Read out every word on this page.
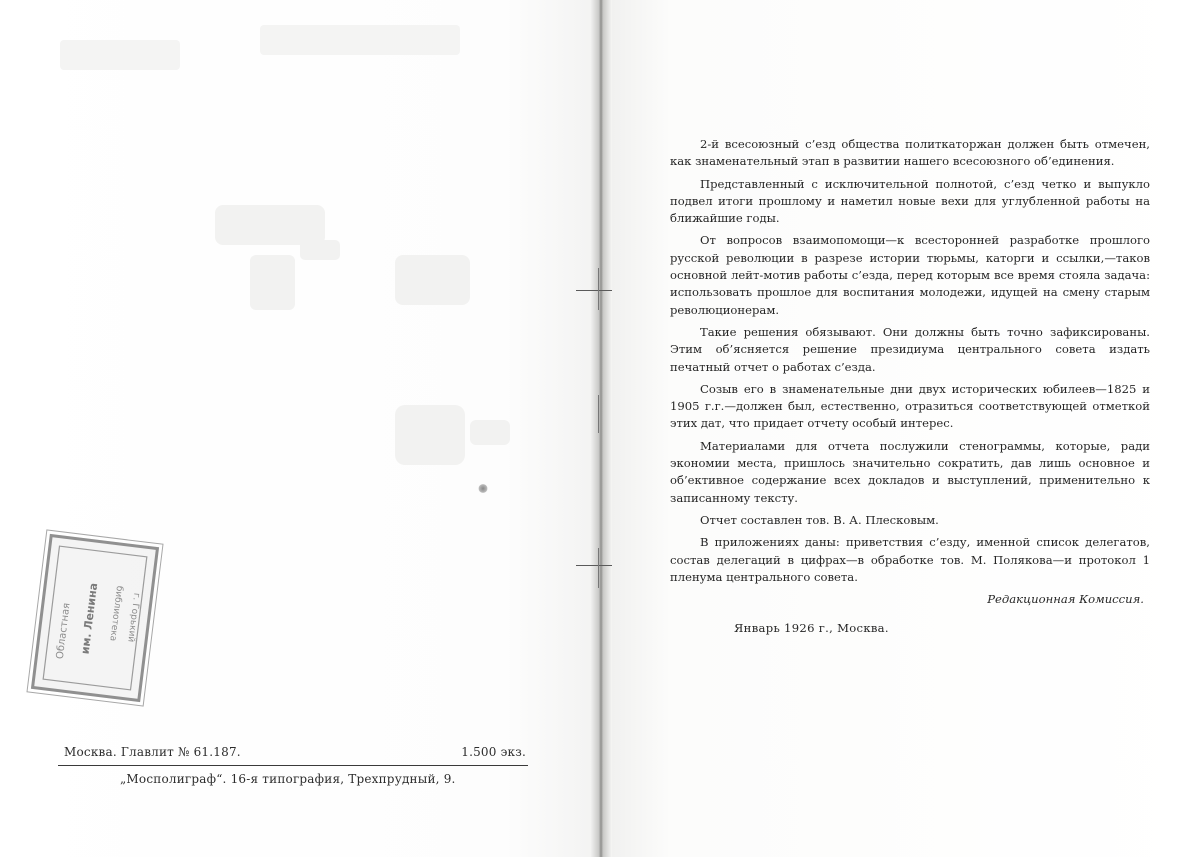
Областная	библиотека
им. Ленина	г. Горький
Москва. Главлит № 61.187.	1.500 экз.
„Мосполиграф“. 16-я типография, Трехпрудный, 9.

2-й всесоюзный с’езд общества политкаторжан должен быть отмечен, как знаменательный этап в развитии нашего всесоюзного об’единения.

Представленный с исключительной полнотой, с’езд четко и выпукло подвел итоги прошлому и наметил новые вехи для углубленной работы на ближайшие годы.

От вопросов взаимопомощи—к всесторонней разработке прошлого русской революции в разрезе истории тюрьмы, каторги и ссылки,—таков основной лейт-мотив работы с’езда, перед которым все время стояла задача: использовать прошлое для воспитания молодежи, идущей на смену старым революционерам.

Такие решения обязывают. Они должны быть точно зафиксированы. Этим об’ясняется решение президиума центрального совета издать печатный отчет о работах с’езда.

Созыв его в знаменательные дни двух исторических юбилеев—1825 и 1905 г.г.—должен был, естественно, отразиться соответствующей отметкой этих дат, что придает отчету особый интерес.

Материалами для отчета послужили стенограммы, которые, ради экономии места, пришлось значительно сократить, дав лишь основное и об’ективное содержание всех докладов и выступлений, применительно к записанному тексту.

Отчет составлен тов. В. А. Плесковым.

В приложениях даны: приветствия с’езду, именной список делегатов, состав делегаций в цифрах—в обработке тов. М. Полякова—и протокол 1 пленума центрального совета.

Редакционная Комиссия.

Январь 1926 г., Москва.
